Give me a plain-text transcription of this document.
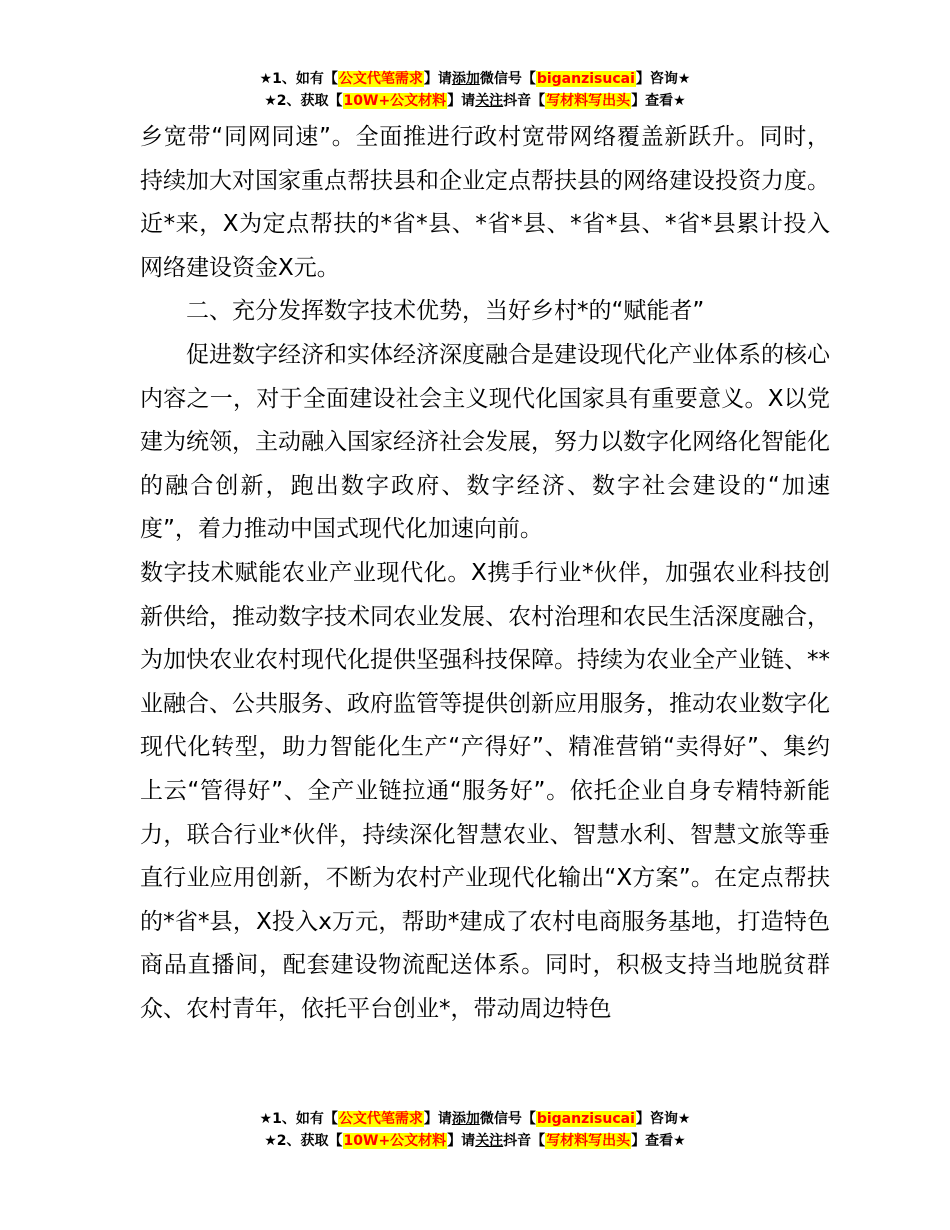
★1、如有【公文代笔需求】请添加微信号【biganzisucai】咨询★
★2、获取【10W+公文材料】请关注抖音【写材料写出头】查看★

乡宽带“同网同速”。全面推进行政村宽带网络覆盖新跃升。同时，持续加大对国家重点帮扶县和企业定点帮扶县的网络建设投资力度。近*来，X为定点帮扶的*省*县、*省*县、*省*县、*省*县累计投入网络建设资金X元。

二、充分发挥数字技术优势，当好乡村*的“赋能者”

促进数字经济和实体经济深度融合是建设现代化产业体系的核心内容之一，对于全面建设社会主义现代化国家具有重要意义。X以党建为统领，主动融入国家经济社会发展，努力以数字化网络化智能化的融合创新，跑出数字政府、数字经济、数字社会建设的“加速度”，着力推动中国式现代化加速向前。

数字技术赋能农业产业现代化。X携手行业*伙伴，加强农业科技创新供给，推动数字技术同农业发展、农村治理和农民生活深度融合，为加快农业农村现代化提供坚强科技保障。持续为农业全产业链、**业融合、公共服务、政府监管等提供创新应用服务，推动农业数字化现代化转型，助力智能化生产“产得好”、精准营销“卖得好”、集约上云“管得好”、全产业链拉通“服务好”。依托企业自身专精特新能力，联合行业*伙伴，持续深化智慧农业、智慧水利、智慧文旅等垂直行业应用创新，不断为农村产业现代化输出“X方案”。在定点帮扶的*省*县，X投入x万元，帮助*建成了农村电商服务基地，打造特色商品直播间，配套建设物流配送体系。同时，积极支持当地脱贫群众、农村青年，依托平台创业*，带动周边特色

★1、如有【公文代笔需求】请添加微信号【biganzisucai】咨询★
★2、获取【10W+公文材料】请关注抖音【写材料写出头】查看★
